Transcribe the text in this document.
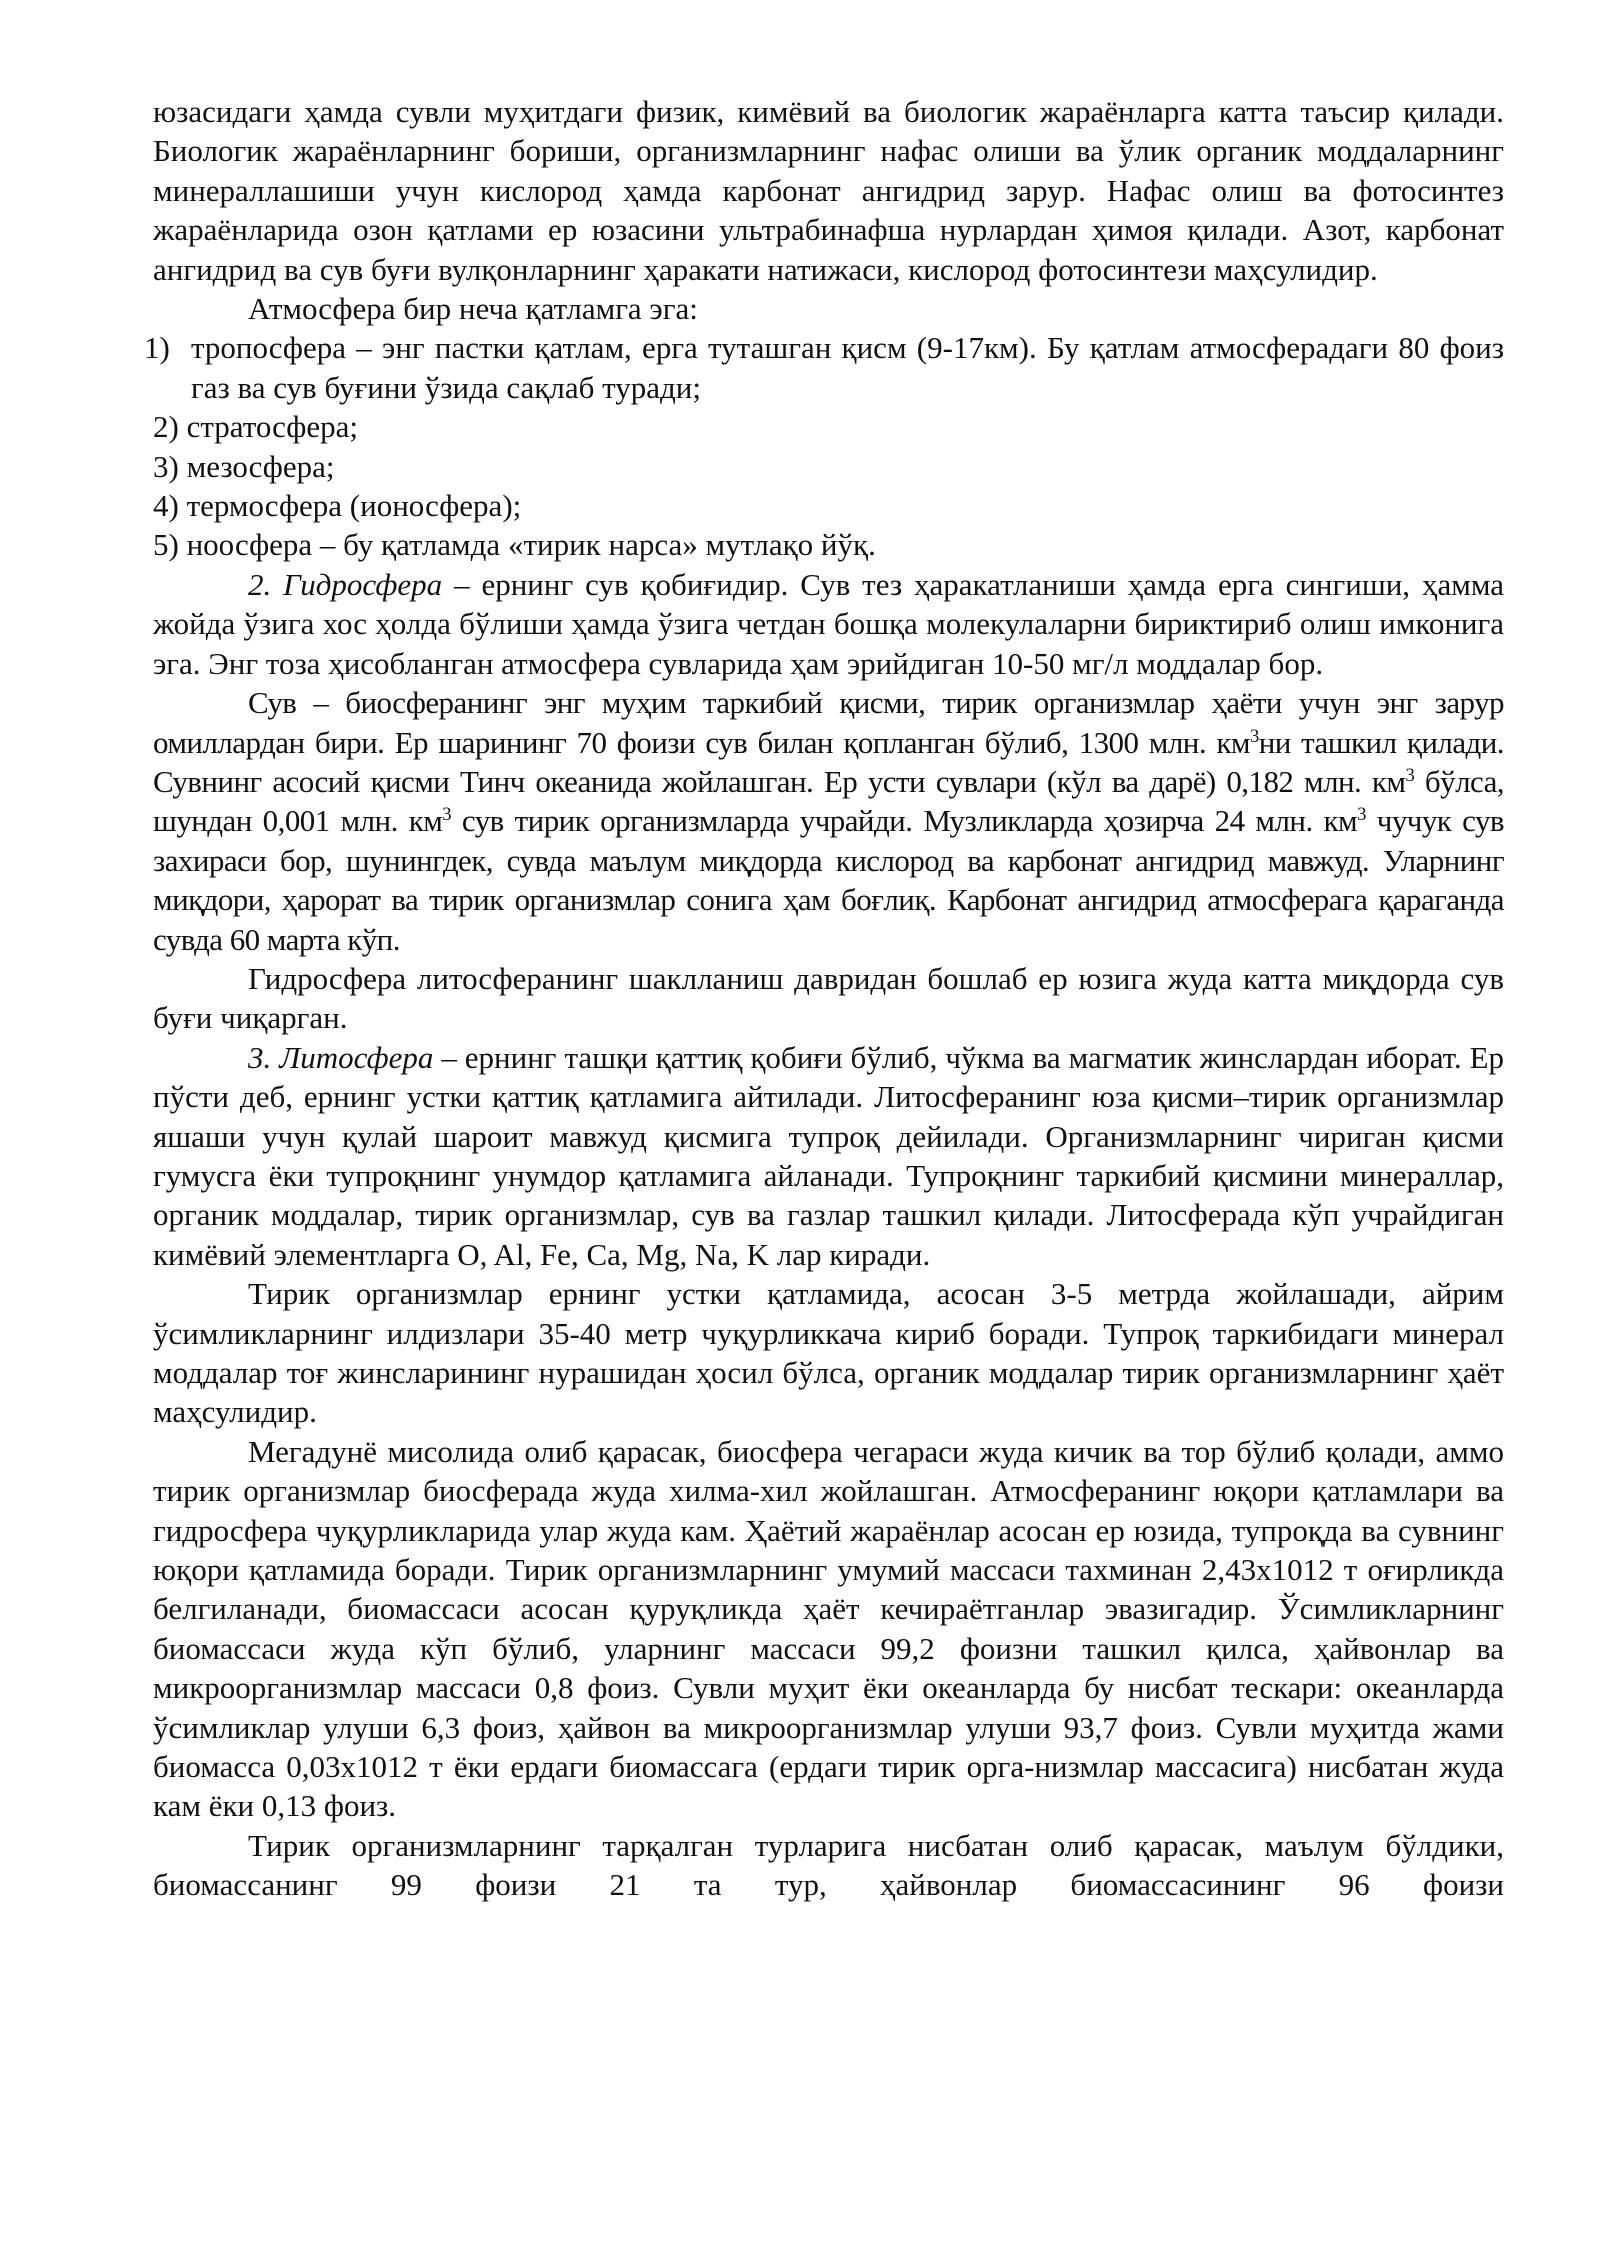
юзасидаги ҳамда сувли муҳитдаги физик, кимёвий ва биологик жараёнларга катта таъсир қилади. Биологик жараёнларнинг бориши, организмларнинг нафас олиши ва ўлик органик моддаларнинг минераллашиши учун кислород ҳамда карбонат ангидрид зарур. Нафас олиш ва фотосинтез жараёнларида озон қатлами ер юзасини ультрабинафша нурлардан ҳимоя қилади. Азот, карбонат ангидрид ва сув буғи вулқонларнинг ҳаракати натижаси, кислород фотосинтези маҳсулидир.

Атмосфера бир неча қатламга эга:

1) тропосфера – энг пастки қатлам, ерга туташган қисм (9-17км). Бу қатлам атмосферадаги 80 фоиз газ ва сув буғини ўзида сақлаб туради;
2)
стратосфера;
3)
мезосфера;
4)
термосфера (ионосфера);
5)
ноосфера – бу қатламда «тирик нарса» мутлақо йўқ.

2. Гидросфера – ернинг сув қобиғидир. Сув тез ҳаракатланиши ҳамда ерга сингиши, ҳамма жойда ўзига хос ҳолда бўлиши ҳамда ўзига четдан бошқа молекулаларни бириктириб олиш имконига эга. Энг тоза ҳисобланган атмосфера сувларида ҳам эрийдиган 10-50 мг/л моддалар бор.

Сув – биосферанинг энг муҳим таркибий қисми, тирик организмлар ҳаёти учун энг зарур омиллардан бири. Ер шарининг 70 фоизи сув билан қопланган бўлиб, 1300 млн. $км^3ни$ ташкил қилади. Сувнинг асосий қисми Тинч океанида жойлашган. Ер усти сувлари (кўл ва дарё) 0,182 млн. $км^3$ бўлса, шундан 0,001 млн. $км^3$ сув тирик организмларда учрайди. Музликларда ҳозирча 24 млн. $км^3$ чучук сув захираси бор, шунингдек, сувда маълум миқдорда кислород ва карбонат ангидрид мавжуд. Уларнинг миқдори, ҳарорат ва тирик организмлар сонига ҳам боғлиқ. Карбонат ангидрид атмосферага қараганда сувда 60 марта кўп.

Гидросфера литосферанинг шаклланиш давридан бошлаб ер юзига жуда катта миқдорда сув буғи чиқарган.

3. Литосфера – ернинг ташқи қаттиқ қобиғи бўлиб, чўкма ва магматик жинслардан иборат. Ер пўсти деб, ернинг устки қаттиқ қатламига айтилади. Литосферанинг юза қисми–тирик организмлар яшаши учун қулай шароит мавжуд қисмига тупроқ дейилади. Организмларнинг чириган қисми гумусга ёки тупроқнинг унумдор қатламига айланади. Тупроқнинг таркибий қисмини минераллар, органик моддалар, тирик организмлар, сув ва газлар ташкил қилади. Литосферада кўп учрайдиган кимёвий элементларга O, Al, Fe, Ca, Mg, Na, K лар киради.

Тирик организмлар ернинг устки қатламида, асосан 3-5 метрда жойлашади, айрим ўсимликларнинг илдизлари 35-40 метр чуқурликкача кириб боради. Тупроқ таркибидаги минерал моддалар тоғ жинсларининг нурашидан ҳосил бўлса, органик моддалар тирик организмларнинг ҳаёт маҳсулидир.

Мегадунё мисолида олиб қарасак, биосфера чегараси жуда кичик ва тор бўлиб қолади, аммо тирик организмлар биосферада жуда хилма-хил жойлашган. Атмосферанинг юқори қатламлари ва гидросфера чуқурликларида улар жуда кам. Ҳаётий жараёнлар асосан ер юзида, тупроқда ва сувнинг юқори қатламида боради. Тирик организмларнинг умумий массаси тахминан 2,43х1012 т оғирликда белгиланади, биомассаси асосан қуруқликда ҳаёт кечираётганлар эвазигадир. Ўсимликларнинг биомассаси жуда кўп бўлиб, уларнинг массаси 99,2 фоизни ташкил қилса, ҳайвонлар ва микроорганизмлар массаси 0,8 фоиз. Сувли муҳит ёки океанларда бу нисбат тескари: океанларда ўсимликлар улуши 6,3 фоиз, ҳайвон ва микроорганизмлар улуши 93,7 фоиз. Сувли муҳитда жами биомасса 0,03х1012 т ёки ердаги биомассага (ердаги тирик орга-низмлар массасига) нисбатан жуда кам ёки 0,13 фоиз.

Тирик организмларнинг тарқалган турларига нисбатан олиб қарасак, маълум бўлдики, биомассанинг 99 фоизи 21 та тур, ҳайвонлар биомассасининг 96 фоизи
